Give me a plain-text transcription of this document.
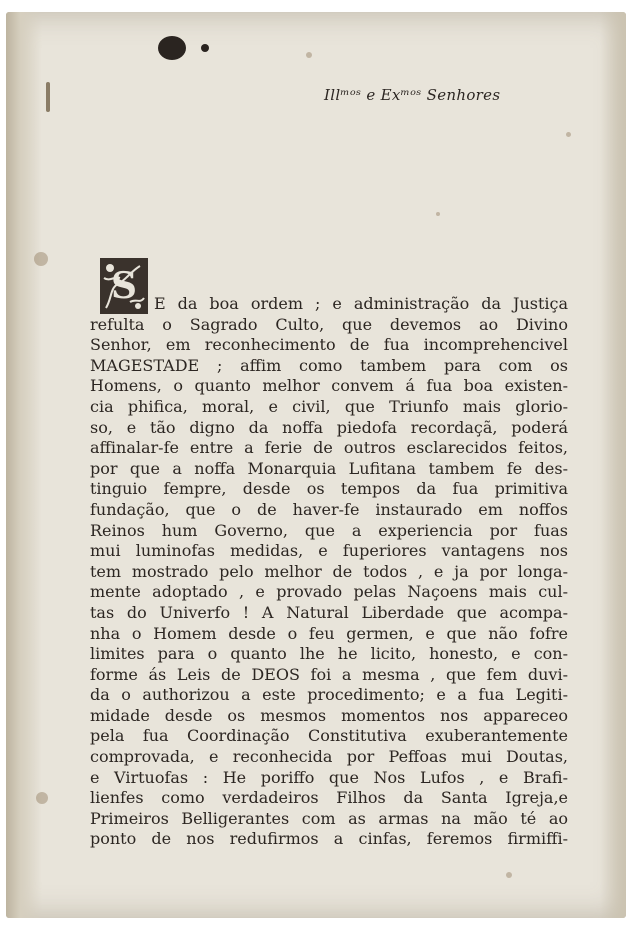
Illᵐᵒˢ e Exᵐᵒˢ Senhores
S	E da boa ordem ; e administração da Justiça
refulta o Sagrado Culto, que devemos ao Divino
Senhor, em reconhecimento de fua incomprehencivel
MAGESTADE ; affim como tambem para com os
Homens, o quanto melhor convem á fua boa existen-
cia phifica, moral, e civil, que Triunfo mais glorio-
so, e tão digno da noffa piedofa recordaçã, poderá
affinalar-fe entre a ferie de outros esclarecidos feitos,
por que a noffa Monarquia Lufitana tambem fe des-
tinguio fempre, desde os tempos da fua primitiva
fundação, que o de haver-fe instaurado em noffos
Reinos hum Governo, que a experiencia por fuas
mui luminofas medidas, e fuperiores vantagens nos
tem mostrado pelo melhor de todos , e ja por longa-
mente adoptado , e provado pelas Naçoens mais cul-
tas do Univerfo ! A Natural Liberdade que acompa-
nha o Homem desde o feu germen, e que não fofre
limites para o quanto lhe he licito, honesto, e con-
forme ás Leis de DEOS foi a mesma , que fem duvi-
da o authorizou a este procedimento; e a fua Legiti-
midade desde os mesmos momentos nos appareceo
pela fua Coordinação Constitutiva exuberantemente
comprovada, e reconhecida por Peffoas mui Doutas,
e Virtuofas : He poriffo que Nos Lufos , e Brafi-
lienfes como verdadeiros Filhos da Santa Igreja,e
Primeiros Belligerantes com as armas na mão té ao
ponto de nos redufirmos a cinfas, feremos firmiffi-
